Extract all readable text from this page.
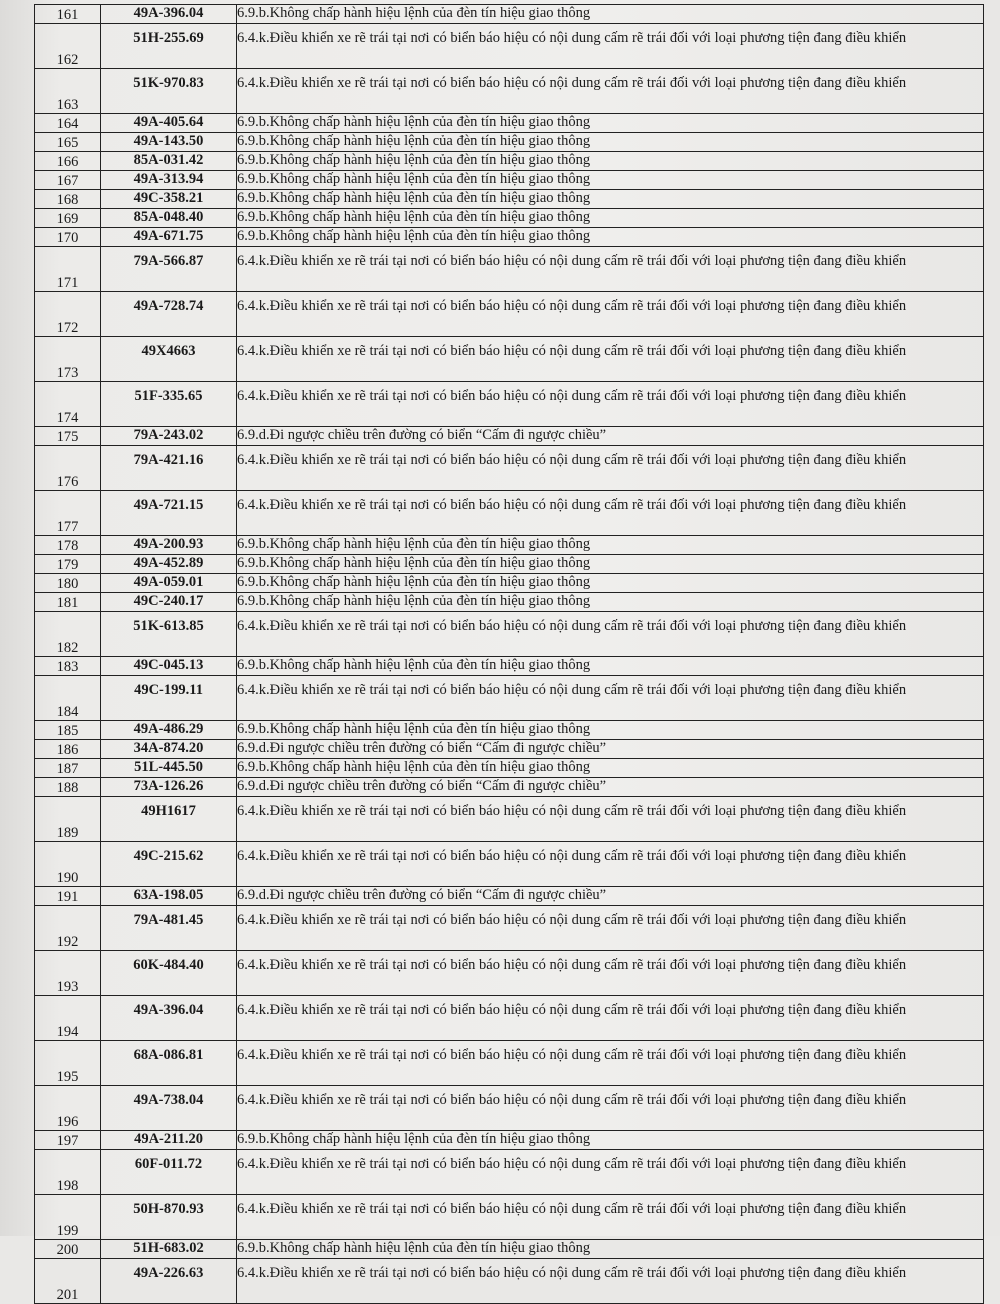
161	49A-396.04	6.9.b.Không chấp hành hiệu lệnh của đèn tín hiệu giao thông
162	51H-255.69	6.4.k.Điều khiển xe rẽ trái tại nơi có biển báo hiệu có nội dung cấm rẽ trái đối với loại phương tiện đang điều khiển
163	51K-970.83	6.4.k.Điều khiển xe rẽ trái tại nơi có biển báo hiệu có nội dung cấm rẽ trái đối với loại phương tiện đang điều khiển
164	49A-405.64	6.9.b.Không chấp hành hiệu lệnh của đèn tín hiệu giao thông
165	49A-143.50	6.9.b.Không chấp hành hiệu lệnh của đèn tín hiệu giao thông
166	85A-031.42	6.9.b.Không chấp hành hiệu lệnh của đèn tín hiệu giao thông
167	49A-313.94	6.9.b.Không chấp hành hiệu lệnh của đèn tín hiệu giao thông
168	49C-358.21	6.9.b.Không chấp hành hiệu lệnh của đèn tín hiệu giao thông
169	85A-048.40	6.9.b.Không chấp hành hiệu lệnh của đèn tín hiệu giao thông
170	49A-671.75	6.9.b.Không chấp hành hiệu lệnh của đèn tín hiệu giao thông
171	79A-566.87	6.4.k.Điều khiển xe rẽ trái tại nơi có biển báo hiệu có nội dung cấm rẽ trái đối với loại phương tiện đang điều khiển
172	49A-728.74	6.4.k.Điều khiển xe rẽ trái tại nơi có biển báo hiệu có nội dung cấm rẽ trái đối với loại phương tiện đang điều khiển
173	49X4663	6.4.k.Điều khiển xe rẽ trái tại nơi có biển báo hiệu có nội dung cấm rẽ trái đối với loại phương tiện đang điều khiển
174	51F-335.65	6.4.k.Điều khiển xe rẽ trái tại nơi có biển báo hiệu có nội dung cấm rẽ trái đối với loại phương tiện đang điều khiển
175	79A-243.02	6.9.d.Đi ngược chiều trên đường có biển “Cấm đi ngược chiều”
176	79A-421.16	6.4.k.Điều khiển xe rẽ trái tại nơi có biển báo hiệu có nội dung cấm rẽ trái đối với loại phương tiện đang điều khiển
177	49A-721.15	6.4.k.Điều khiển xe rẽ trái tại nơi có biển báo hiệu có nội dung cấm rẽ trái đối với loại phương tiện đang điều khiển
178	49A-200.93	6.9.b.Không chấp hành hiệu lệnh của đèn tín hiệu giao thông
179	49A-452.89	6.9.b.Không chấp hành hiệu lệnh của đèn tín hiệu giao thông
180	49A-059.01	6.9.b.Không chấp hành hiệu lệnh của đèn tín hiệu giao thông
181	49C-240.17	6.9.b.Không chấp hành hiệu lệnh của đèn tín hiệu giao thông
182	51K-613.85	6.4.k.Điều khiển xe rẽ trái tại nơi có biển báo hiệu có nội dung cấm rẽ trái đối với loại phương tiện đang điều khiển
183	49C-045.13	6.9.b.Không chấp hành hiệu lệnh của đèn tín hiệu giao thông
184	49C-199.11	6.4.k.Điều khiển xe rẽ trái tại nơi có biển báo hiệu có nội dung cấm rẽ trái đối với loại phương tiện đang điều khiển
185	49A-486.29	6.9.b.Không chấp hành hiệu lệnh của đèn tín hiệu giao thông
186	34A-874.20	6.9.d.Đi ngược chiều trên đường có biển “Cấm đi ngược chiều”
187	51L-445.50	6.9.b.Không chấp hành hiệu lệnh của đèn tín hiệu giao thông
188	73A-126.26	6.9.d.Đi ngược chiều trên đường có biển “Cấm đi ngược chiều”
189	49H1617	6.4.k.Điều khiển xe rẽ trái tại nơi có biển báo hiệu có nội dung cấm rẽ trái đối với loại phương tiện đang điều khiển
190	49C-215.62	6.4.k.Điều khiển xe rẽ trái tại nơi có biển báo hiệu có nội dung cấm rẽ trái đối với loại phương tiện đang điều khiển
191	63A-198.05	6.9.d.Đi ngược chiều trên đường có biển “Cấm đi ngược chiều”
192	79A-481.45	6.4.k.Điều khiển xe rẽ trái tại nơi có biển báo hiệu có nội dung cấm rẽ trái đối với loại phương tiện đang điều khiển
193	60K-484.40	6.4.k.Điều khiển xe rẽ trái tại nơi có biển báo hiệu có nội dung cấm rẽ trái đối với loại phương tiện đang điều khiển
194	49A-396.04	6.4.k.Điều khiển xe rẽ trái tại nơi có biển báo hiệu có nội dung cấm rẽ trái đối với loại phương tiện đang điều khiển
195	68A-086.81	6.4.k.Điều khiển xe rẽ trái tại nơi có biển báo hiệu có nội dung cấm rẽ trái đối với loại phương tiện đang điều khiển
196	49A-738.04	6.4.k.Điều khiển xe rẽ trái tại nơi có biển báo hiệu có nội dung cấm rẽ trái đối với loại phương tiện đang điều khiển
197	49A-211.20	6.9.b.Không chấp hành hiệu lệnh của đèn tín hiệu giao thông
198	60F-011.72	6.4.k.Điều khiển xe rẽ trái tại nơi có biển báo hiệu có nội dung cấm rẽ trái đối với loại phương tiện đang điều khiển
199	50H-870.93	6.4.k.Điều khiển xe rẽ trái tại nơi có biển báo hiệu có nội dung cấm rẽ trái đối với loại phương tiện đang điều khiển
200	51H-683.02	6.9.b.Không chấp hành hiệu lệnh của đèn tín hiệu giao thông
201	49A-226.63	6.4.k.Điều khiển xe rẽ trái tại nơi có biển báo hiệu có nội dung cấm rẽ trái đối với loại phương tiện đang điều khiển
